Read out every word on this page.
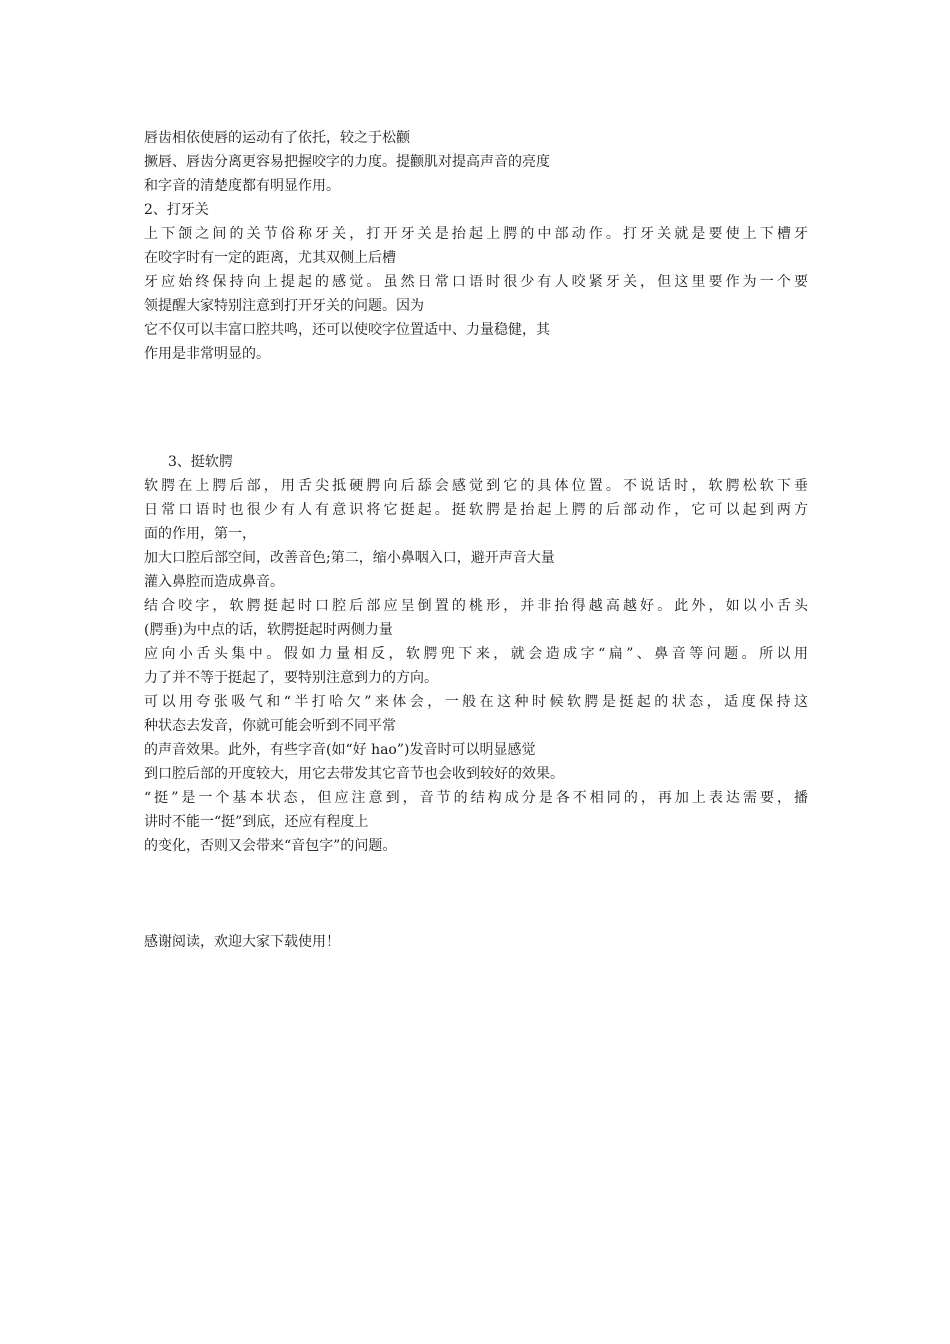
唇齿相依使唇的运动有了依托，较之于松颧
撅唇、唇齿分离更容易把握咬字的力度。提颧肌对提高声音的亮度
和字音的清楚度都有明显作用。
2、打牙关
上下颌之间的关节俗称牙关，打开牙关是抬起上腭的中部动作。打牙关就是要使上下槽牙
在咬字时有一定的距离，尤其双侧上后槽
牙应始终保持向上提起的感觉。虽然日常口语时很少有人咬紧牙关，但这里要作为一个要
领提醒大家特别注意到打开牙关的问题。因为
它不仅可以丰富口腔共鸣，还可以使咬字位置适中、力量稳健，其
作用是非常明显的。
3、挺软腭
软腭在上腭后部，用舌尖抵硬腭向后舔会感觉到它的具体位置。不说话时，软腭松软下垂
日常口语时也很少有人有意识将它挺起。挺软腭是抬起上腭的后部动作，它可以起到两方
面的作用，第一，
加大口腔后部空间，改善音色;第二，缩小鼻咽入口，避开声音大量
灌入鼻腔而造成鼻音。
结合咬字，软腭挺起时口腔后部应呈倒置的桃形，并非抬得越高越好。此外，如以小舌头
(腭垂)为中点的话，软腭挺起时两侧力量
应向小舌头集中。假如力量相反，软腭兜下来，就会造成字“扁”、鼻音等问题。所以用
力了并不等于挺起了，要特别注意到力的方向。
可以用夸张吸气和“半打哈欠”来体会，一般在这种时候软腭是挺起的状态，适度保持这
种状态去发音，你就可能会听到不同平常
的声音效果。此外，有些字音(如“好 hao”)发音时可以明显感觉
到口腔后部的开度较大，用它去带发其它音节也会收到较好的效果。
“挺”是一个基本状态，但应注意到，音节的结构成分是各不相同的，再加上表达需要，播
讲时不能一“挺”到底，还应有程度上
的变化，否则又会带来“音包字”的问题。
感谢阅读，欢迎大家下载使用！
